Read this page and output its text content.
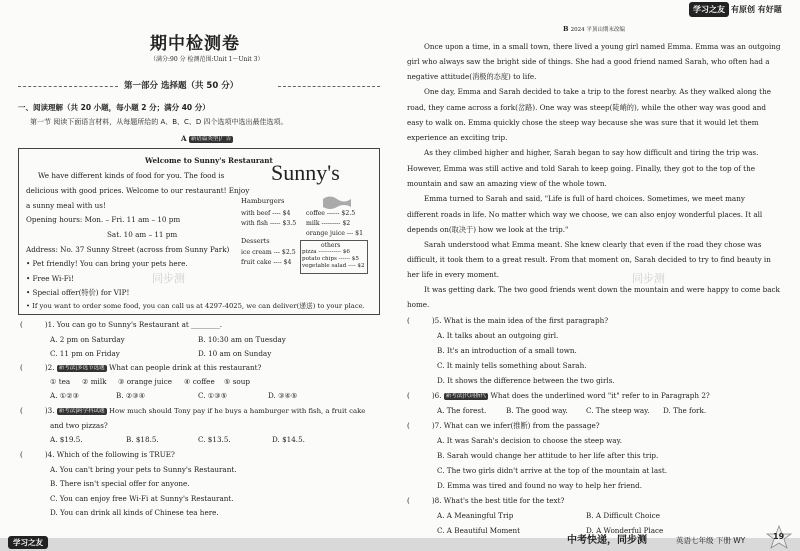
学习之友 有原创 有好题
期中检测卷
（满分:90 分 检测范围:Unit 1～Unit 3）
第一部分 选择题（共 50 分）
一、阅读理解（共 20 小题，每小题 2 分；满分 40 分）
第一节 阅读下面语言材料，从每题所给的 A、B、C、D 四个选项中选出最佳选项。
A 新语篇类型|广告
Welcome to Sunny's Restaurant
We have different kinds of food for you. The food is
delicious with good prices. Welcome to our restaurant! Enjoy
a sunny meal with us!
Opening hours: Mon. – Fri. 11 am – 10 pm
Sat. 10 am – 11 pm
Address: No. 37 Sunny Street (across from Sunny Park)
• Pet friendly! You can bring your pets here.
• Free Wi-Fi!
• Special offer(特价) for VIP!
• If you want to order some food, you can call us at 4297-4025, we can deliver(递送) to your place.
Sunny's
Hamburgers
with beef ---- $4
with fish ----- $3.5
coffee ------ $2.5
milk --------- $2
orange juice --- $1
Desserts
ice cream --- $2.5
fruit cake ---- $4
others
pizza ------------ $6
potato chips ------ $5
vegetable salad ---- $2
同步测	同步测
(	)1. You can go to Sunny's Restaurant at ________.
A. 2 pm on Saturday	B. 10:30 am on Tuesday
C. 11 pm on Friday	D. 10 am on Sunday
(	)2. 新考法|多选节选题 What can people drink at this restaurant?
① tea ② milk ③ orange juice ④ coffee ⑤ soup
A. ①②③	B. ②③④	C. ①③⑤	D. ③④⑤
(	)3. 新考法|跨学科试题 How much should Tony pay if he buys a hamburger with fish, a fruit cake
and two pizzas?
A. $19.5.	B. $18.5.	C. $13.5.	D. $14.5.
(	)4. Which of the following is TRUE?
A. You can't bring your pets to Sunny's Restaurant.
B. There isn't special offer for anyone.
C. You can enjoy free Wi-Fi at Sunny's Restaurant.
D. You can drink all kinds of Chinese tea here.
B 2024 平顶山期末改编
Once upon a time, in a small town, there lived a young girl named Emma. Emma was an outgoing
girl who always saw the bright side of things. She had a good friend named Sarah, who often had a
negative attitude(消极的态度) to life.
One day, Emma and Sarah decided to take a trip to the forest nearby. As they walked along the
road, they came across a fork(岔路). One way was steep(陡峭的), while the other way was good and
easy to walk on. Emma quickly chose the steep way because she was sure that it would let them
experience an exciting trip.
As they climbed higher and higher, Sarah began to say how difficult and tiring the trip was.
However, Emma was still active and told Sarah to keep going. Finally, they got to the top of the
mountain and saw an amazing view of the whole town.
Emma turned to Sarah and said, "Life is full of hard choices. Sometimes, we meet many
different roads in life. No matter which way we choose, we can also enjoy wonderful places. It all
depends on(取决于) how we look at the trip."
Sarah understood what Emma meant. She knew clearly that even if the road they chose was
difficult, it took them to a great result. From that moment on, Sarah decided to try to find beauty in
her life in every moment.
It was getting dark. The two good friends went down the mountain and were happy to come back
home.
(	)5. What is the main idea of the first paragraph?
A. It talks about an outgoing girl.
B. It's an introduction of a small town.
C. It mainly tells something about Sarah.
D. It shows the difference between the two girls.
(	)6. 新考法|代词指代 What does the underlined word "it" refer to in Paragraph 2?
A. The forest.	B. The good way.	C. The steep way. D. The fork.
(	)7. What can we infer(推断) from the passage?
A. It was Sarah's decision to choose the steep way.
B. Sarah would change her attitude to her life after this trip.
C. The two girls didn't arrive at the top of the mountain at last.
D. Emma was tired and found no way to help her friend.
(	)8. What's the best title for the text?
A. A Meaningful Trip	B. A Difficult Choice
C. A Beautiful Moment	D. A Wonderful Place
学习之友	中考快递，同步测	英语七年级 下册 WY	19
